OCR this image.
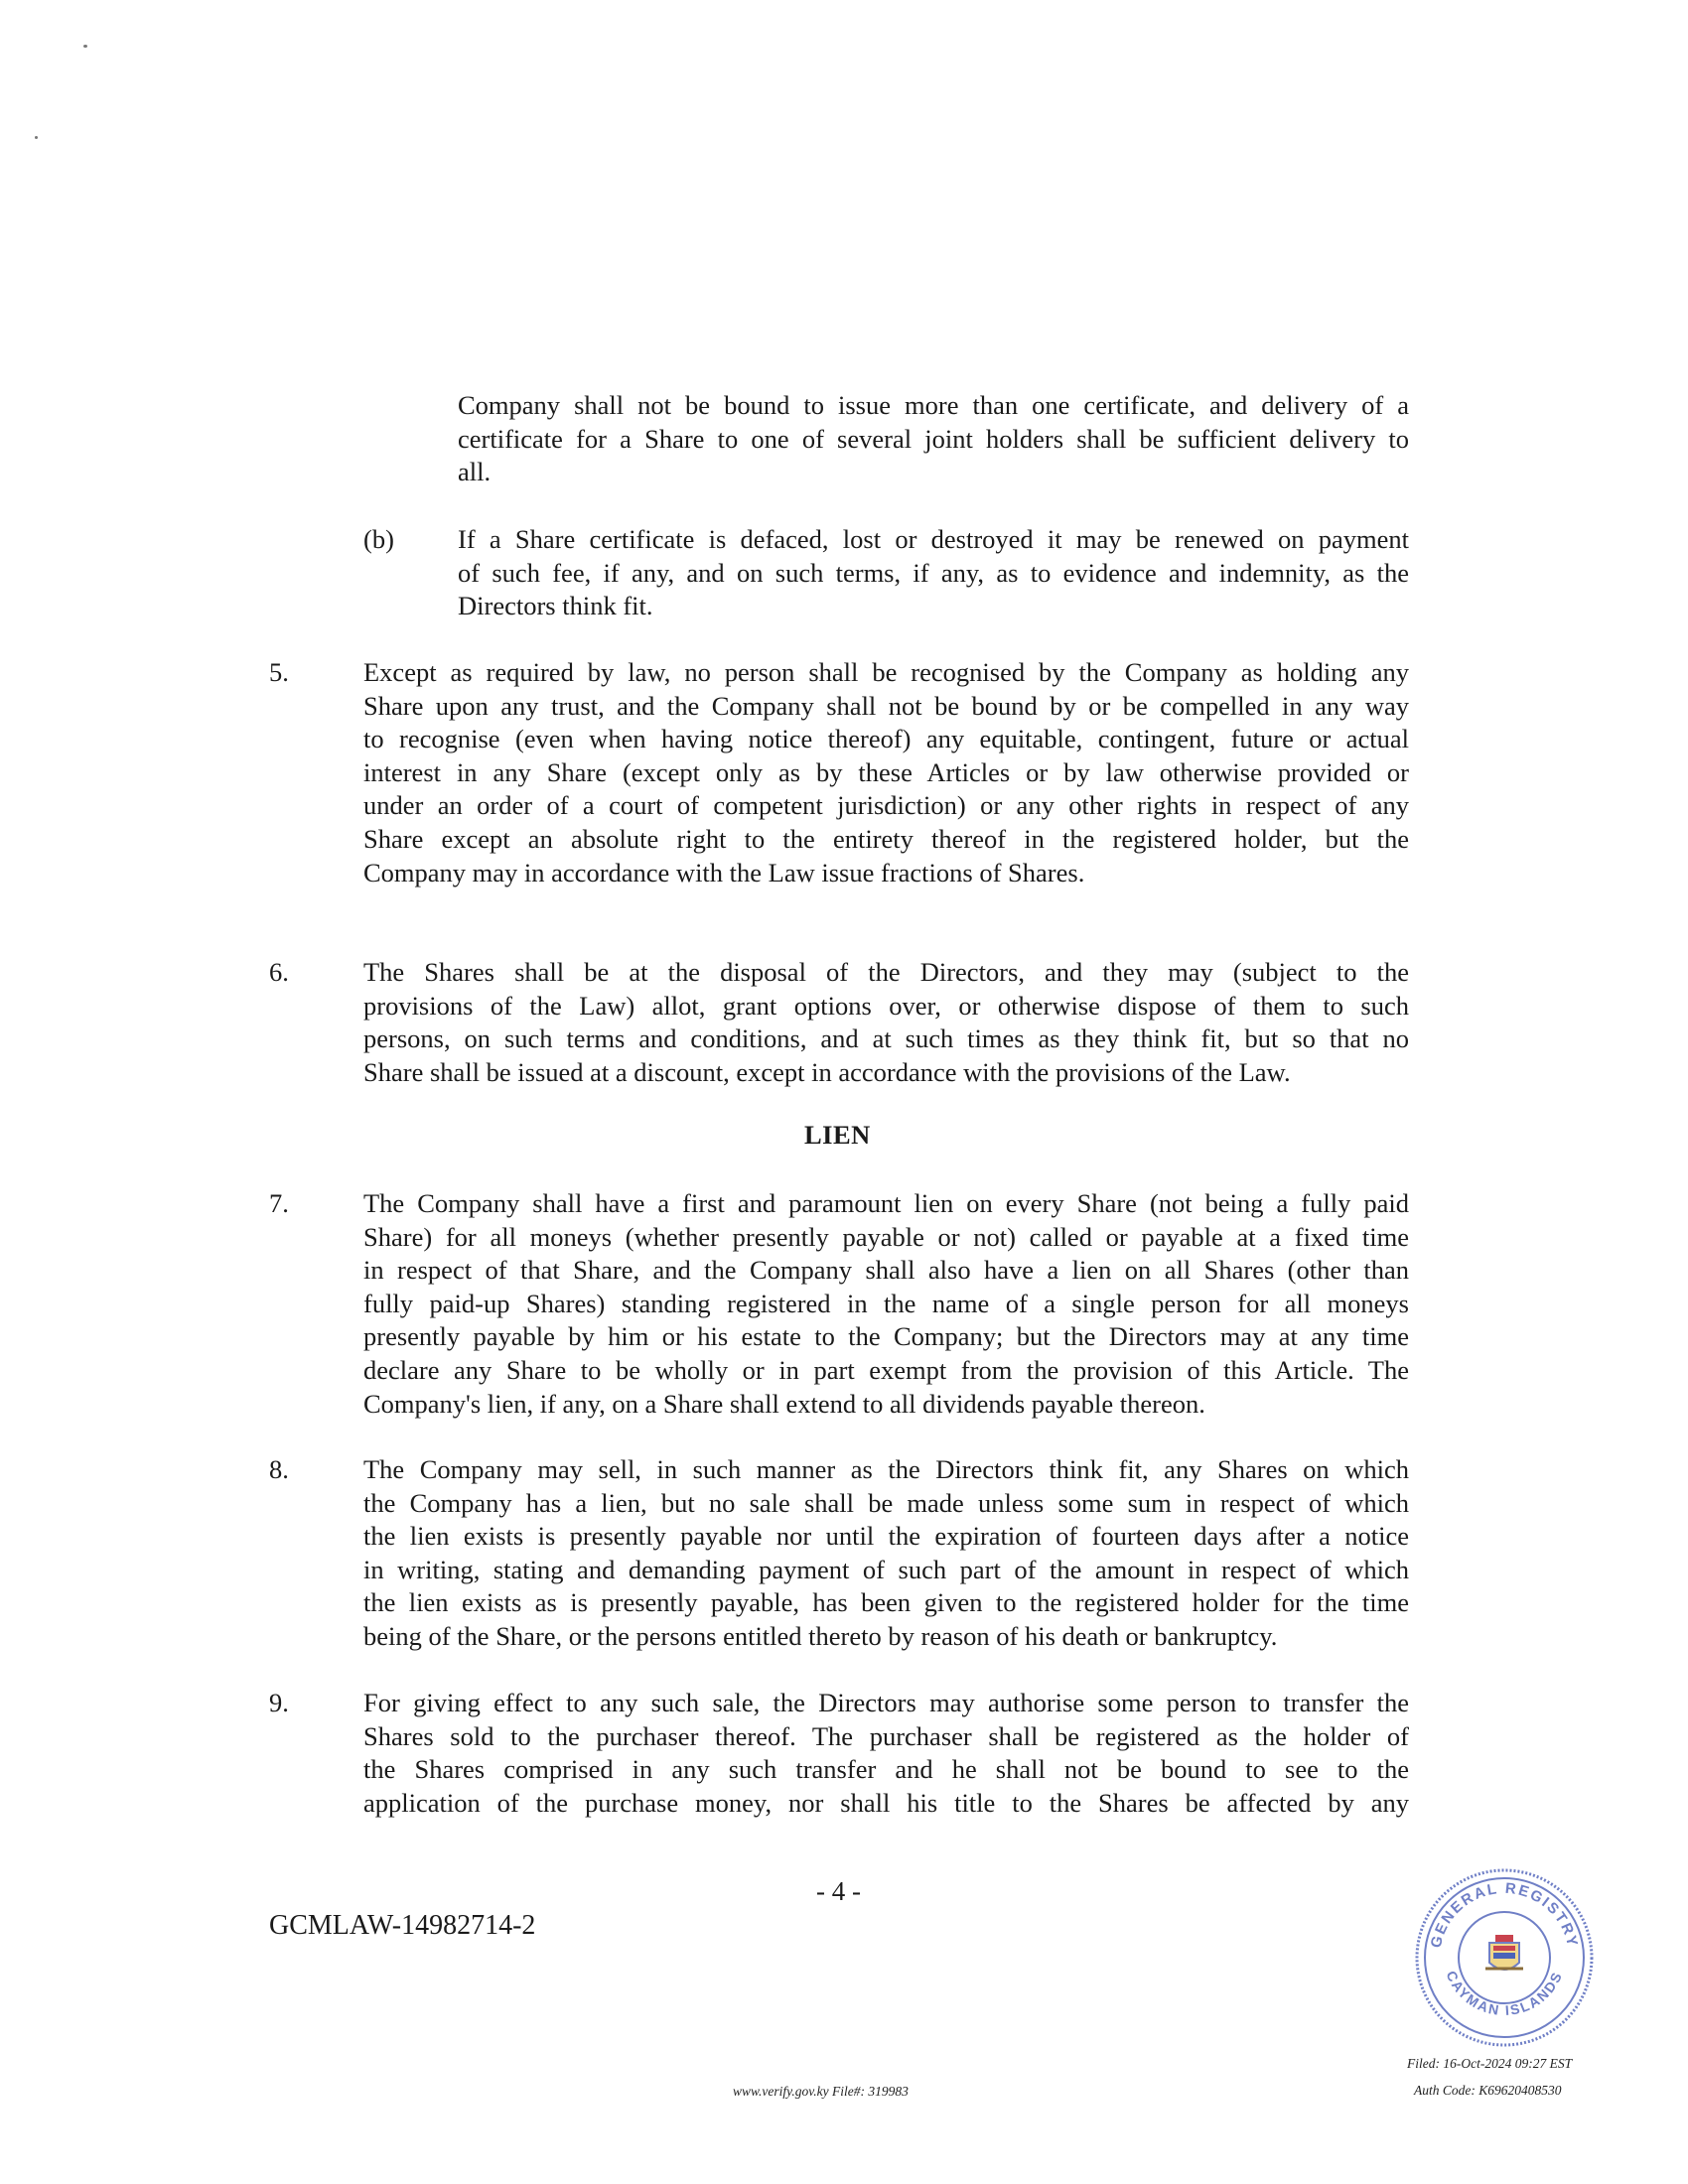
Company shall not be bound to issue more than one certificate, and delivery of a
certificate for a Share to one of several joint holders shall be sufficient delivery to
all.
(b) If a Share certificate is defaced, lost or destroyed it may be renewed on payment
of such fee, if any, and on such terms, if any, as to evidence and indemnity, as the
Directors think fit.
5.	Except as required by law, no person shall be recognised by the Company as holding any
Share upon any trust, and the Company shall not be bound by or be compelled in any way
to recognise (even when having notice thereof) any equitable, contingent, future or actual
interest in any Share (except only as by these Articles or by law otherwise provided or
under an order of a court of competent jurisdiction) or any other rights in respect of any
Share except an absolute right to the entirety thereof in the registered holder, but the
Company may in accordance with the Law issue fractions of Shares.
6.	The Shares shall be at the disposal of the Directors, and they may (subject to the
provisions of the Law) allot, grant options over, or otherwise dispose of them to such
persons, on such terms and conditions, and at such times as they think fit, but so that no
Share shall be issued at a discount, except in accordance with the provisions of the Law.
LIEN
7.	The Company shall have a first and paramount lien on every Share (not being a fully paid
Share) for all moneys (whether presently payable or not) called or payable at a fixed time
in respect of that Share, and the Company shall also have a lien on all Shares (other than
fully paid-up Shares) standing registered in the name of a single person for all moneys
presently payable by him or his estate to the Company; but the Directors may at any time
declare any Share to be wholly or in part exempt from the provision of this Article. The
Company's lien, if any, on a Share shall extend to all dividends payable thereon.
8.	The Company may sell, in such manner as the Directors think fit, any Shares on which
the Company has a lien, but no sale shall be made unless some sum in respect of which
the lien exists is presently payable nor until the expiration of fourteen days after a notice
in writing, stating and demanding payment of such part of the amount in respect of which
the lien exists as is presently payable, has been given to the registered holder for the time
being of the Share, or the persons entitled thereto by reason of his death or bankruptcy.
9.	For giving effect to any such sale, the Directors may authorise some person to transfer the
Shares sold to the purchaser thereof. The purchaser shall be registered as the holder of
the Shares comprised in any such transfer and he shall not be bound to see to the
application of the purchase money, nor shall his title to the Shares be affected by any
- 4 -
GCMLAW-14982714-2
www.verify.gov.ky File#: 319983
Filed: 16-Oct-2024 09:27 EST
Auth Code: K69620408530
GENERAL REGISTRY
CAYMAN ISLANDS
